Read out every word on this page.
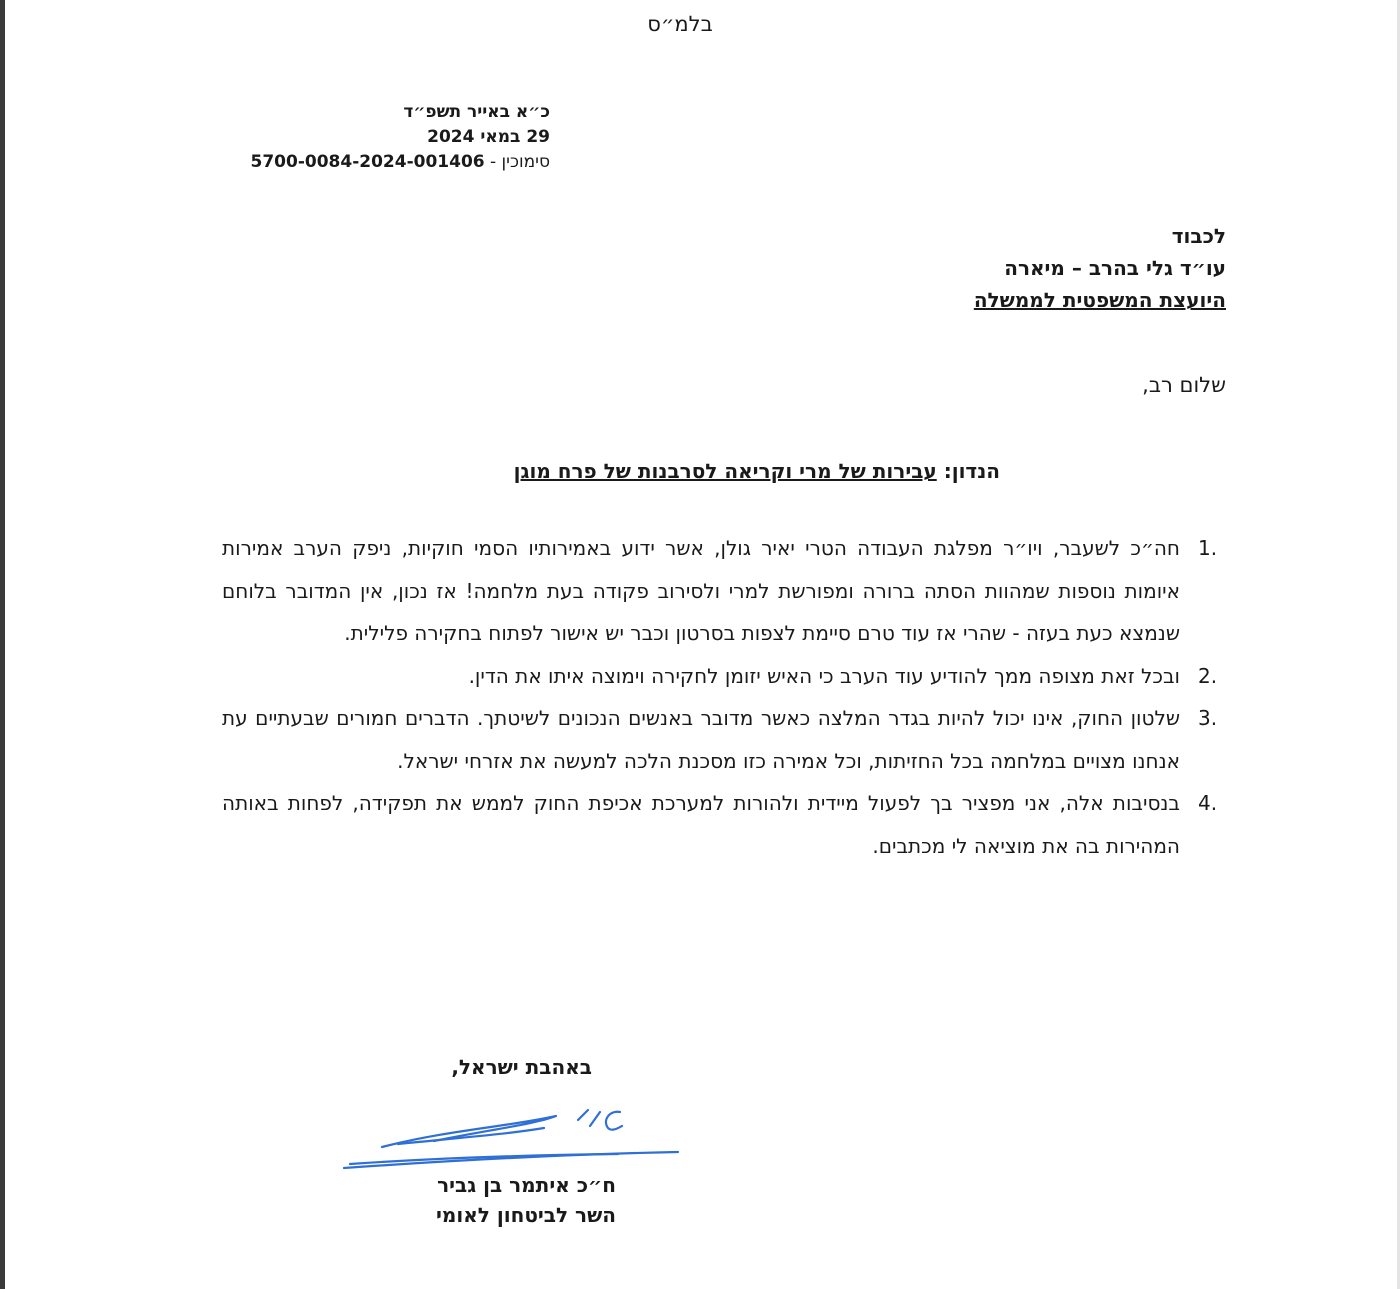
בלמ״ס
כ״א באייר תשפ״ד
29 במאי 2024
סימוכין - 5700-0084-2024-001406
לכבוד
עו״ד גלי בהרב – מיארה
היועצת המשפטית לממשלה
שלום רב,
הנדון: עבירות של מרי וקריאה לסרבנות של פרח מוגן
1.
חה״כ לשעבר, ויו״ר מפלגת העבודה הטרי יאיר גולן, אשר ידוע באמירותיו הסמי חוקיות, ניפק הערב אמירות איומות נוספות שמהוות הסתה ברורה ומפורשת למרי ולסירוב פקודה בעת מלחמה! אז נכון, אין המדובר בלוחם שנמצא כעת בעזה - שהרי אז עוד טרם סיימת לצפות בסרטון וכבר יש אישור לפתוח בחקירה פלילית.
2.
ובכל זאת מצופה ממך להודיע עוד הערב כי האיש יזומן לחקירה וימוצה איתו את הדין.
3.
שלטון החוק, אינו יכול להיות בגדר המלצה כאשר מדובר באנשים הנכונים לשיטתך. הדברים חמורים שבעתיים עת אנחנו מצויים במלחמה בכל החזיתות, וכל אמירה כזו מסכנת הלכה למעשה את אזרחי ישראל.
4.
בנסיבות אלה, אני מפציר בך לפעול מיידית ולהורות למערכת אכיפת החוק לממש את תפקידה, לפחות באותה המהירות בה את מוציאה לי מכתבים.
באהבת ישראל,
ח״כ איתמר בן גביר
השר לביטחון לאומי
